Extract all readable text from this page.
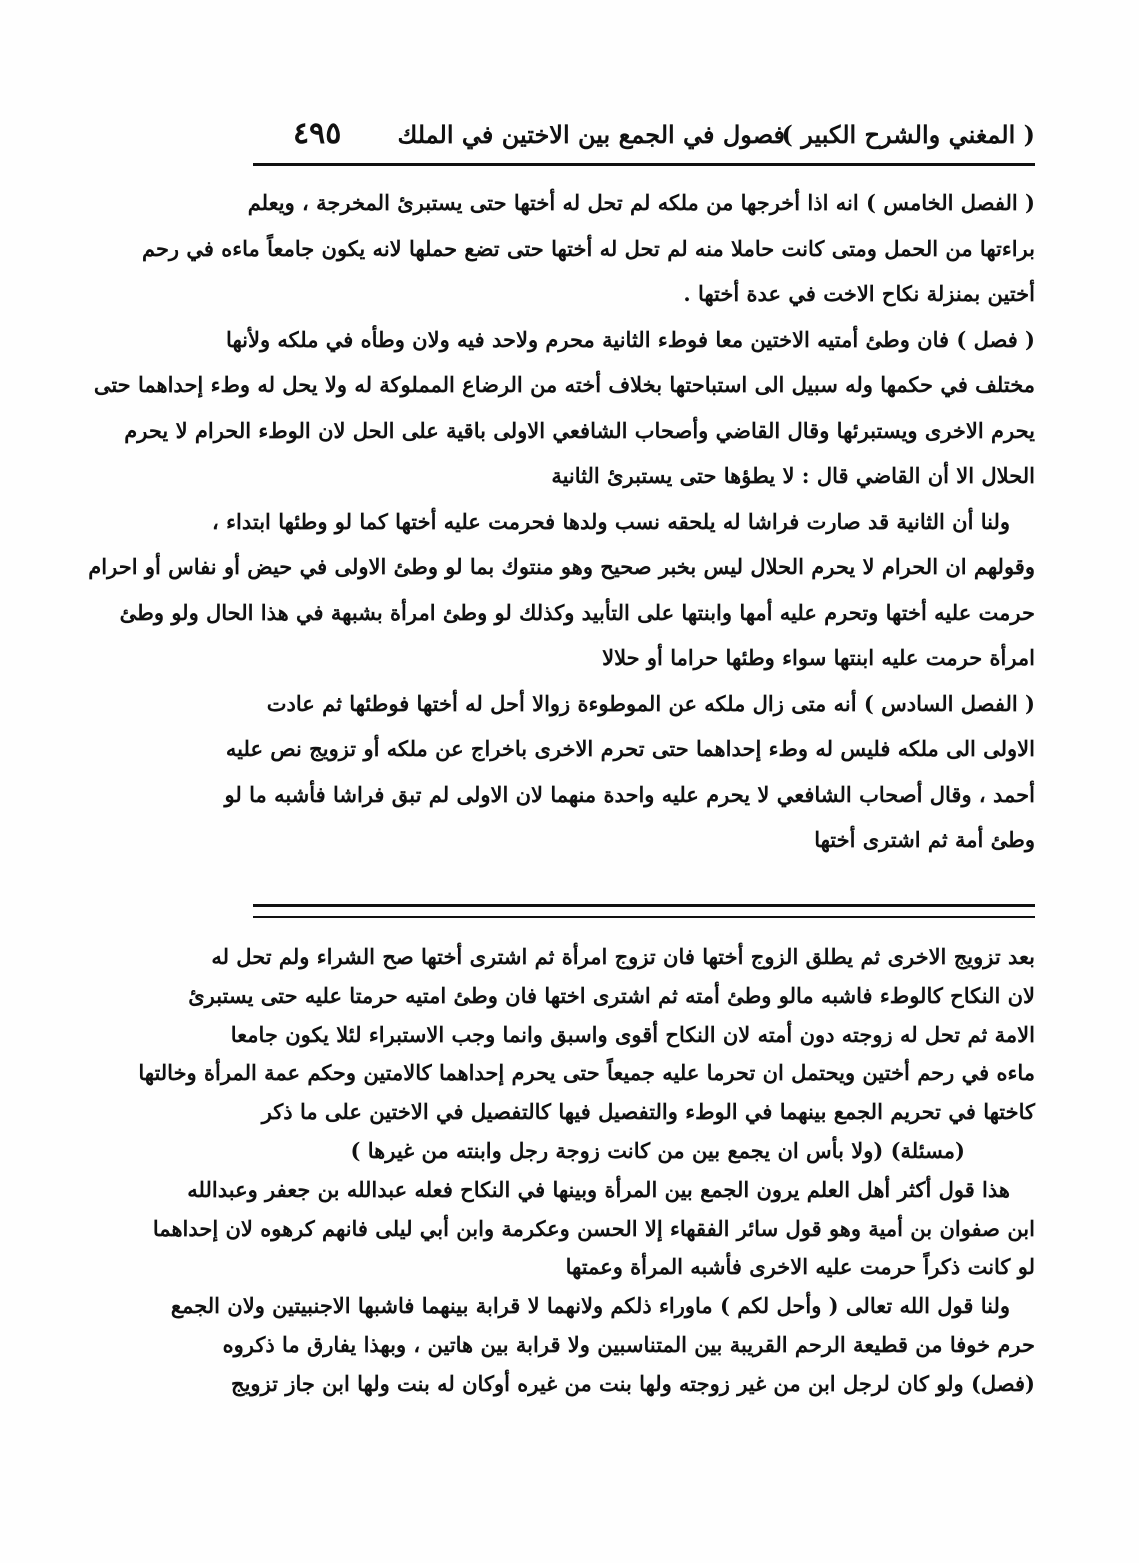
( المغني والشرح الكبير )
فصول في الجمع بين الاختين في الملك
٤٩٥
( الفصل الخامس ) انه اذا أخرجها من ملكه لم تحل له أختها حتى يستبرئ المخرجة ، ويعلم
براءتها من الحمل ومتى كانت حاملا منه لم تحل له أختها حتى تضع حملها لانه يكون جامعاً ماءه في رحم
أختين بمنزلة نكاح الاخت في عدة أختها .
( فصل ) فان وطئ أمتيه الاختين معا فوطء الثانية محرم ولاحد فيه ولان وطأه في ملكه ولأنها
مختلف في حكمها وله سبيل الى استباحتها بخلاف أخته من الرضاع المملوكة له ولا يحل له وطء إحداهما حتى
يحرم الاخرى ويستبرئها وقال القاضي وأصحاب الشافعي الاولى باقية على الحل لان الوطء الحرام لا يحرم
الحلال الا أن القاضي قال : لا يطؤها حتى يستبرئ الثانية
ولنا أن الثانية قد صارت فراشا له يلحقه نسب ولدها فحرمت عليه أختها كما لو وطئها ابتداء ،
وقولهم ان الحرام لا يحرم الحلال ليس بخبر صحيح وهو منتوك بما لو وطئ الاولى في حيض أو نفاس أو احرام
حرمت عليه أختها وتحرم عليه أمها وابنتها على التأبيد وكذلك لو وطئ امرأة بشبهة في هذا الحال ولو وطئ
امرأة حرمت عليه ابنتها سواء وطئها حراما أو حلالا
( الفصل السادس ) أنه متى زال ملكه عن الموطوءة زوالا أحل له أختها فوطئها ثم عادت
الاولى الى ملكه فليس له وطء إحداهما حتى تحرم الاخرى باخراج عن ملكه أو تزويج نص عليه
أحمد ، وقال أصحاب الشافعي لا يحرم عليه واحدة منهما لان الاولى لم تبق فراشا فأشبه ما لو
وطئ أمة ثم اشترى أختها
بعد تزويج الاخرى ثم يطلق الزوج أختها فان تزوج امرأة ثم اشترى أختها صح الشراء ولم تحل له
لان النكاح كالوطء فاشبه مالو وطئ أمته ثم اشترى اختها فان وطئ امتيه حرمتا عليه حتى يستبرئ
الامة ثم تحل له زوجته دون أمته لان النكاح أقوى واسبق وانما وجب الاستبراء لئلا يكون جامعا
ماءه في رحم أختين ويحتمل ان تحرما عليه جميعاً حتى يحرم إحداهما كالامتين وحكم عمة المرأة وخالتها
كاختها في تحريم الجمع بينهما في الوطء والتفصيل فيها كالتفصيل في الاختين على ما ذكر
(مسئلة) (ولا بأس ان يجمع بين من كانت زوجة رجل وابنته من غيرها )
هذا قول أكثر أهل العلم يرون الجمع بين المرأة وبينها في النكاح فعله عبدالله بن جعفر وعبدالله
ابن صفوان بن أمية وهو قول سائر الفقهاء إلا الحسن وعكرمة وابن أبي ليلى فانهم كرهوه لان إحداهما
لو كانت ذكراً حرمت عليه الاخرى فأشبه المرأة وعمتها
ولنا قول الله تعالى ( وأحل لكم ) ماوراء ذلكم ولانهما لا قرابة بينهما فاشبها الاجنبيتين ولان الجمع
حرم خوفا من قطيعة الرحم القريبة بين المتناسبين ولا قرابة بين هاتين ، وبهذا يفارق ما ذكروه
(فصل) ولو كان لرجل ابن من غير زوجته ولها بنت من غيره أوكان له بنت ولها ابن جاز تزويج
